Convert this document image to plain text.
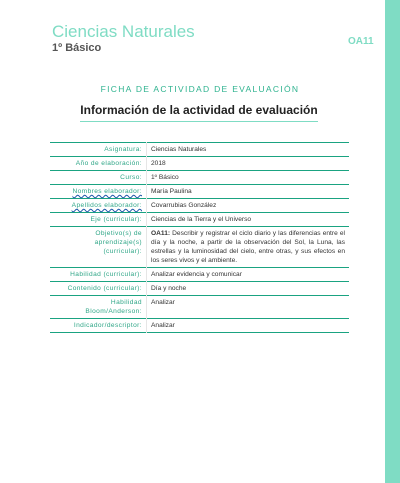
Ciencias Naturales
1º Básico
OA11
FICHA DE ACTIVIDAD DE EVALUACIÓN
Información de la actividad de evaluación
Asignatura:	Ciencias Naturales
Año de elaboración:	2018
Curso:	1º Básico
Nombres elaborador:	María Paulina
Apellidos elaborador:	Covarrubias González
Eje (curricular):	Ciencias de la Tierra y el Universo
Objetivo(s) de aprendizaje(s) (curricular):	OA11: Describir y registrar el ciclo diario y las diferencias entre el día y la noche, a partir de la observación del Sol, la Luna, las estrellas y la luminosidad del cielo, entre otras, y sus efectos en los seres vivos y el ambiente.
Habilidad (curricular):	Analizar evidencia y comunicar
Contenido (curricular):	Día y noche
Habilidad Bloom/Anderson:	Analizar
Indicador/descriptor:	Analizar
